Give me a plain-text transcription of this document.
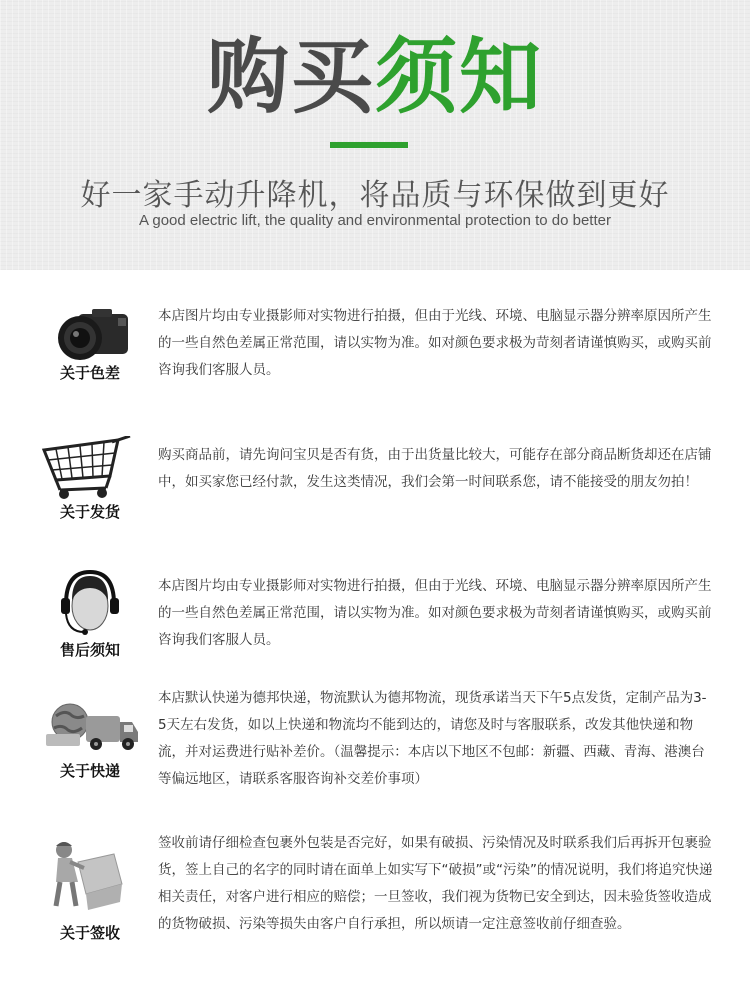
购买须知
好一家手动升降机，将品质与环保做到更好
A good electric lift, the quality and environmental protection to do better
关于色差
本店图片均由专业摄影师对实物进行拍摄，但由于光线、环境、电脑显示器分辨率原因所产生的一些自然色差属正常范围，请以实物为准。如对颜色要求极为苛刻者请谨慎购买，或购买前咨询我们客服人员。
关于发货
购买商品前，请先询问宝贝是否有货，由于出货量比较大，可能存在部分商品断货却还在店铺中，如买家您已经付款，发生这类情况，我们会第一时间联系您，请不能接受的朋友勿拍！
售后须知
本店图片均由专业摄影师对实物进行拍摄，但由于光线、环境、电脑显示器分辨率原因所产生的一些自然色差属正常范围，请以实物为准。如对颜色要求极为苛刻者请谨慎购买，或购买前咨询我们客服人员。
关于快递
本店默认快递为德邦快递，物流默认为德邦物流，现货承诺当天下午5点发货，定制产品为3-5天左右发货，如以上快递和物流均不能到达的，请您及时与客服联系，改发其他快递和物流，并对运费进行贴补差价。（温馨提示：本店以下地区不包邮：新疆、西藏、青海、港澳台等偏远地区，请联系客服咨询补交差价事项）
关于签收
签收前请仔细检查包裹外包装是否完好，如果有破损、污染情况及时联系我们后再拆开包裹验货，签上自己的名字的同时请在面单上如实写下“破损”或“污染”的情况说明，我们将追究快递相关责任，对客户进行相应的赔偿；一旦签收，我们视为货物已安全到达，因未验货签收造成的货物破损、污染等损失由客户自行承担，所以烦请一定注意签收前仔细查验。
